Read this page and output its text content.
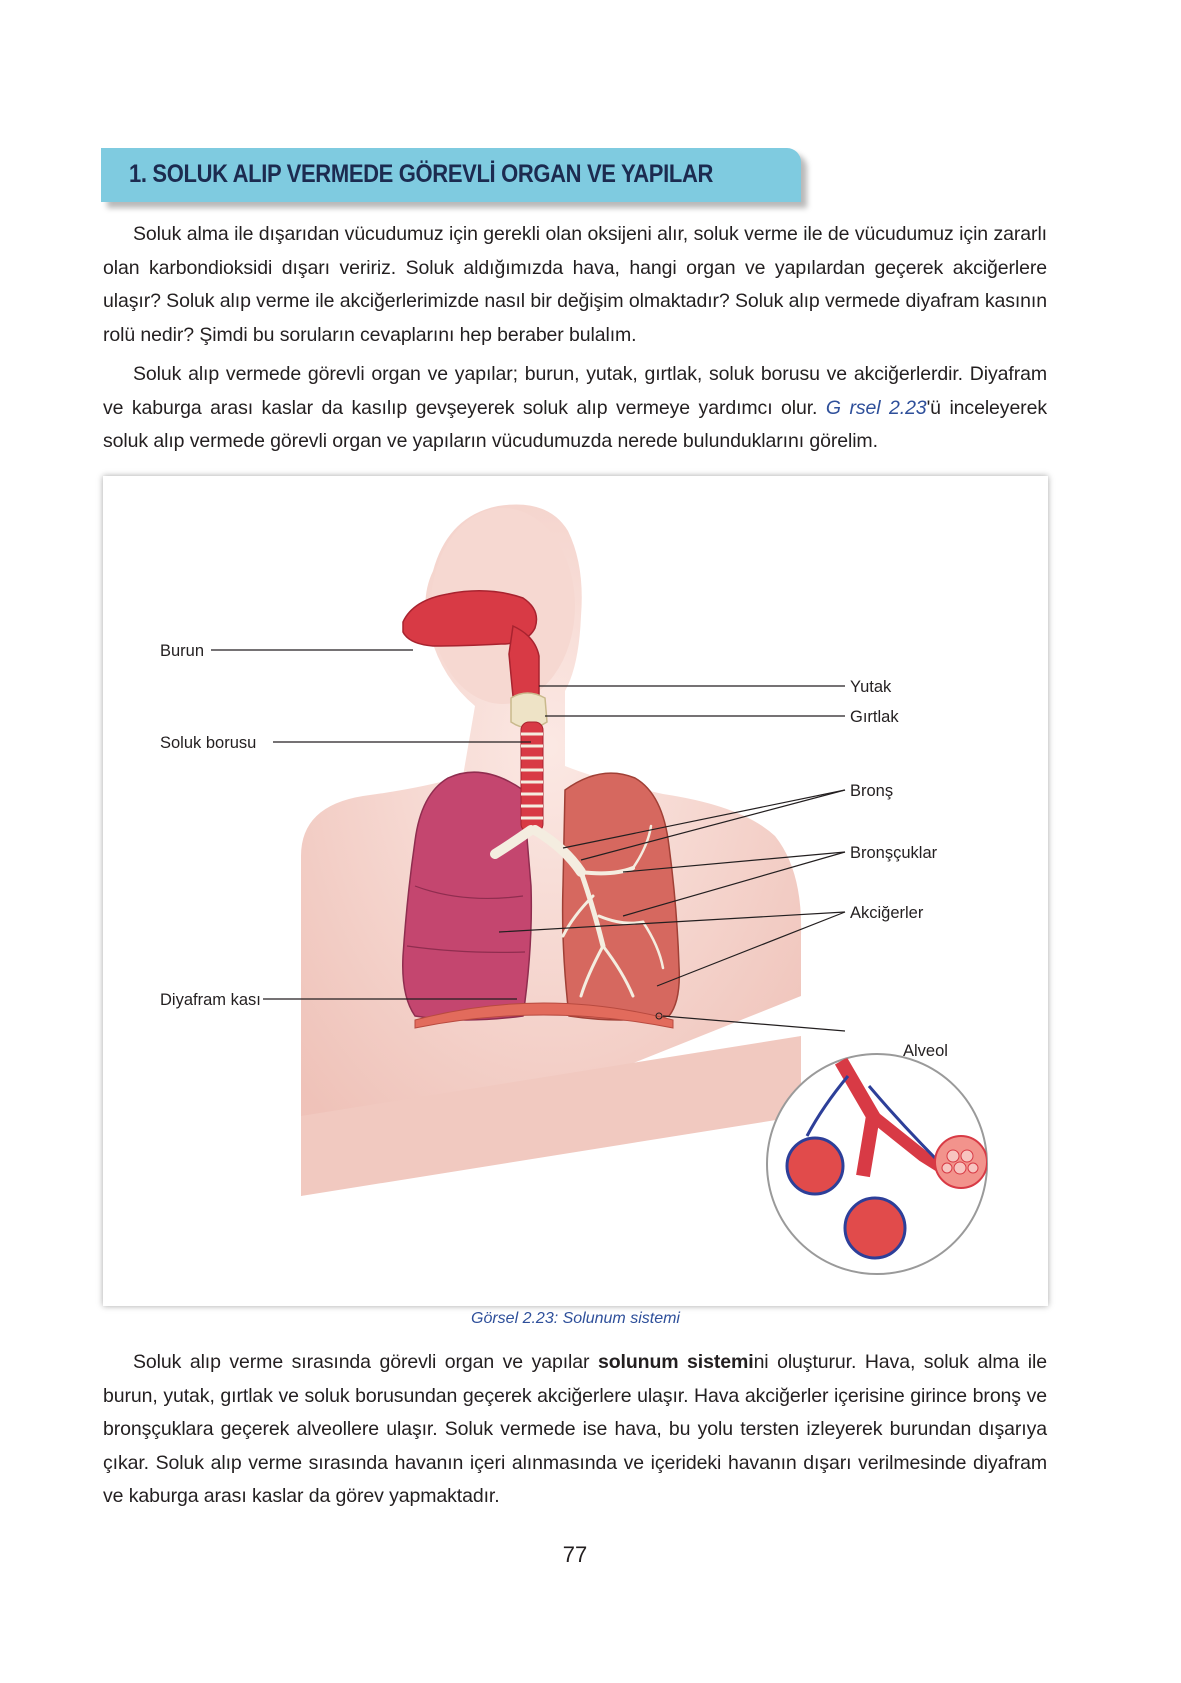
1. SOLUK ALIP VERMEDE GÖREVLİ ORGAN VE YAPILAR

Soluk alma ile dışarıdan vücudumuz için gerekli olan oksijeni alır, soluk verme ile de vücudumuz için zararlı olan karbondioksidi dışarı veririz. Soluk aldığımızda hava, hangi organ ve yapılardan geçerek akciğerlere ulaşır? Soluk alıp verme ile akciğerlerimizde nasıl bir değişim olmaktadır? Soluk alıp vermede diyafram kasının rolü nedir? Şimdi bu soruların cevaplarını hep beraber bulalım.

Soluk alıp vermede görevli organ ve yapılar; burun, yutak, gırtlak, soluk borusu ve akciğerlerdir. Diyafram ve kaburga arası kaslar da kasılıp gevşeyerek soluk alıp vermeye yardımcı olur. G rsel 2.23'ü inceleyerek soluk alıp vermede görevli organ ve yapıların vücudumuzda nerede bulunduklarını görelim.

Burun
Yutak
Gırtlak
Soluk borusu
Bronş
Bronşçuklar
Akciğerler
Diyafram kası
Alveol

Görsel 2.23: Solunum sistemi

Soluk alıp verme sırasında görevli organ ve yapılar solunum sistemini oluşturur. Hava, soluk alma ile burun, yutak, gırtlak ve soluk borusundan geçerek akciğerlere ulaşır. Hava akciğerler içerisine girince bronş ve bronşçuklara geçerek alveollere ulaşır. Soluk vermede ise hava, bu yolu tersten izleyerek burundan dışarıya çıkar. Soluk alıp verme sırasında havanın içeri alınmasında ve içerideki havanın dışarı verilmesinde diyafram ve kaburga arası kaslar da görev yapmaktadır.

77
